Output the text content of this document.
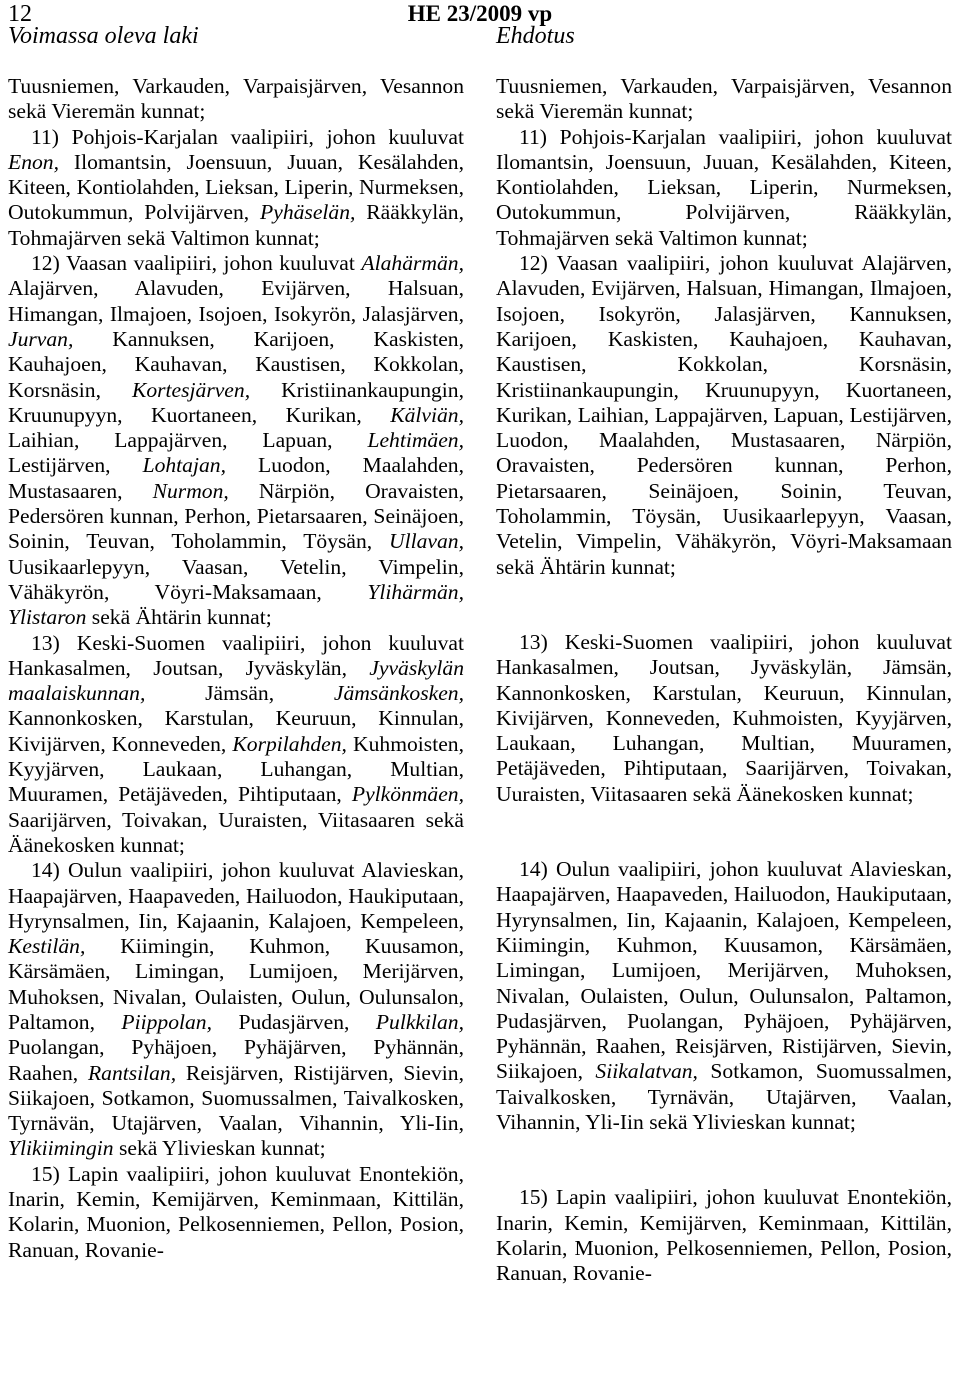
12	HE 23/2009 vp
Voimassa oleva laki	Ehdotus

Tuusniemen, Varkauden, Varpaisjärven, Vesannon sekä Vieremän kunnat;

11) Pohjois-Karjalan vaalipiiri, johon kuuluvat Enon, Ilomantsin, Joensuun, Juuan, Kesälahden, Kiteen, Kontiolahden, Lieksan, Liperin, Nurmeksen, Outokummun, Polvijärven, Pyhäselän, Rääkkylän, Tohmajärven sekä Valtimon kunnat;

12) Vaasan vaalipiiri, johon kuuluvat Alahärmän, Alajärven, Alavuden, Evijärven, Halsuan, Himangan, Ilmajoen, Isojoen, Isokyrön, Jalasjärven, Jurvan, Kannuksen, Karijoen, Kaskisten, Kauhajoen, Kauhavan, Kaustisen, Kokkolan, Korsnäsin, Kortesjärven, Kristiinankaupungin, Kruunupyyn, Kuortaneen, Kurikan, Kälviän, Laihian, Lappajärven, Lapuan, Lehtimäen, Lestijärven, Lohtajan, Luodon, Maalahden, Mustasaaren, Nurmon, Närpiön, Oravaisten, Pedersören kunnan, Perhon, Pietarsaaren, Seinäjoen, Soinin, Teuvan, Toholammin, Töysän, Ullavan, Uusikaarlepyyn, Vaasan, Vetelin, Vimpelin, Vähäkyrön, Vöyri-Maksamaan, Ylihärmän, Ylistaron sekä Ähtärin kunnat;

13) Keski-Suomen vaalipiiri, johon kuuluvat Hankasalmen, Joutsan, Jyväskylän, Jyväskylän maalaiskunnan, Jämsän, Jämsänkosken, Kannonkosken, Karstulan, Keuruun, Kinnulan, Kivijärven, Konneveden, Korpilahden, Kuhmoisten, Kyyjärven, Laukaan, Luhangan, Multian, Muuramen, Petäjäveden, Pihtiputaan, Pylkönmäen, Saarijärven, Toivakan, Uuraisten, Viitasaaren sekä Äänekosken kunnat;

14) Oulun vaalipiiri, johon kuuluvat Alavieskan, Haapajärven, Haapaveden, Hailuodon, Haukiputaan, Hyrynsalmen, Iin, Kajaanin, Kalajoen, Kempeleen, Kestilän, Kiimingin, Kuhmon, Kuusamon, Kärsämäen, Limingan, Lumijoen, Merijärven, Muhoksen, Nivalan, Oulaisten, Oulun, Oulunsalon, Paltamon, Piippolan, Pudasjärven, Pulkkilan, Puolangan, Pyhäjoen, Pyhäjärven, Pyhännän, Raahen, Rantsilan, Reisjärven, Ristijärven, Sievin, Siikajoen, Sotkamon, Suomussalmen, Taivalkosken, Tyrnävän, Utajärven, Vaalan, Vihannin, Yli-Iin, Ylikiimingin sekä Ylivieskan kunnat;

15) Lapin vaalipiiri, johon kuuluvat Enontekiön, Inarin, Kemin, Kemijärven, Keminmaan, Kittilän, Kolarin, Muonion, Pelkosenniemen, Pellon, Posion, Ranuan, Rovanie-

Tuusniemen, Varkauden, Varpaisjärven, Vesannon sekä Vieremän kunnat;

11) Pohjois-Karjalan vaalipiiri, johon kuuluvat Ilomantsin, Joensuun, Juuan, Kesälahden, Kiteen, Kontiolahden, Lieksan, Liperin, Nurmeksen, Outokummun, Polvijärven, Rääkkylän, Tohmajärven sekä Valtimon kunnat;

12) Vaasan vaalipiiri, johon kuuluvat Alajärven, Alavuden, Evijärven, Halsuan, Himangan, Ilmajoen, Isojoen, Isokyrön, Jalasjärven, Kannuksen, Karijoen, Kaskisten, Kauhajoen, Kauhavan, Kaustisen, Kokkolan, Korsnäsin, Kristiinankaupungin, Kruunupyyn, Kuortaneen, Kurikan, Laihian, Lappajärven, Lapuan, Lestijärven, Luodon, Maalahden, Mustasaaren, Närpiön, Oravaisten, Pedersören kunnan, Perhon, Pietarsaaren, Seinäjoen, Soinin, Teuvan, Toholammin, Töysän, Uusikaarlepyyn, Vaasan, Vetelin, Vimpelin, Vähäkyrön, Vöyri-Maksamaan sekä Ähtärin kunnat;

13) Keski-Suomen vaalipiiri, johon kuuluvat Hankasalmen, Joutsan, Jyväskylän, Jämsän, Kannonkosken, Karstulan, Keuruun, Kinnulan, Kivijärven, Konneveden, Kuhmoisten, Kyyjärven, Laukaan, Luhangan, Multian, Muuramen, Petäjäveden, Pihtiputaan, Saarijärven, Toivakan, Uuraisten, Viitasaaren sekä Äänekosken kunnat;

14) Oulun vaalipiiri, johon kuuluvat Alavieskan, Haapajärven, Haapaveden, Hailuodon, Haukiputaan, Hyrynsalmen, Iin, Kajaanin, Kalajoen, Kempeleen, Kiimingin, Kuhmon, Kuusamon, Kärsämäen, Limingan, Lumijoen, Merijärven, Muhoksen, Nivalan, Oulaisten, Oulun, Oulunsalon, Paltamon, Pudasjärven, Puolangan, Pyhäjoen, Pyhäjärven, Pyhännän, Raahen, Reisjärven, Ristijärven, Sievin, Siikajoen, Siikalatvan, Sotkamon, Suomussalmen, Taivalkosken, Tyrnävän, Utajärven, Vaalan, Vihannin, Yli-Iin sekä Ylivieskan kunnat;

15) Lapin vaalipiiri, johon kuuluvat Enontekiön, Inarin, Kemin, Kemijärven, Keminmaan, Kittilän, Kolarin, Muonion, Pelkosenniemen, Pellon, Posion, Ranuan, Rovanie-
